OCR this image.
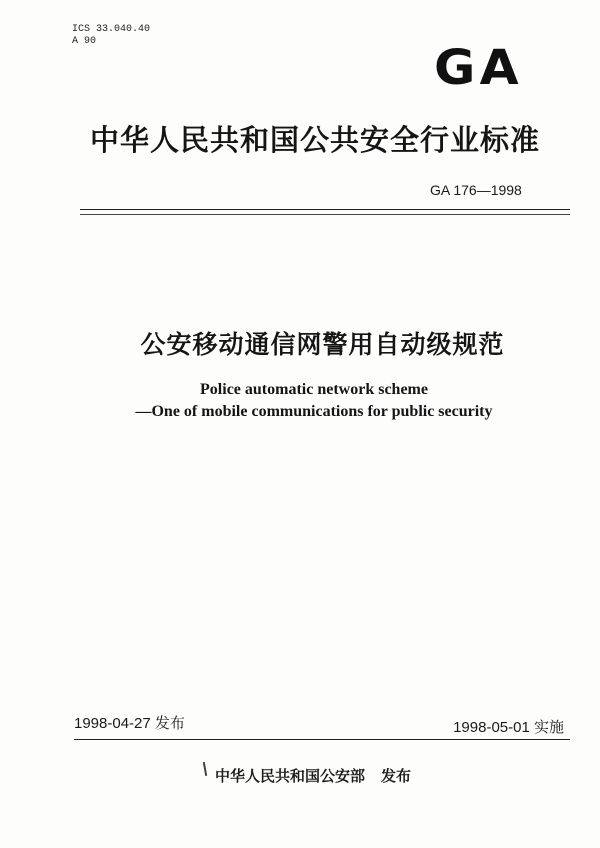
ICS 33.040.40
A 90	GA
中华人民共和国公共安全行业标准
GA 176—1998
公安移动通信网警用自动级规范
Police automatic network scheme
—One of mobile communications for public security
1998-04-27 发布	1998-05-01 实施
中华人民共和国公安部 发布
